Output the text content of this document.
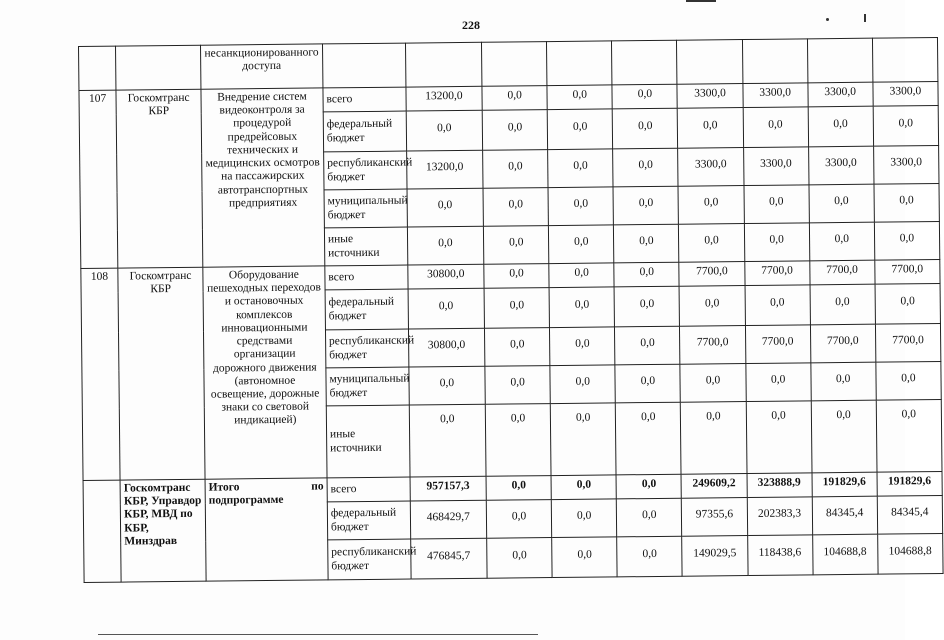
228
		несанкционированного доступа									
107	Госкомтранс КБР	Внедрение систем видеоконтроля за процедурой предрейсовых технических и медицинских осмотров на пассажирских автотранспортных предприятиях	всего	13200,0	0,0	0,0	0,0	3300,0	3300,0	3300,0	3300,0
			федеральный бюджет	0,0	0,0	0,0	0,0	0,0	0,0	0,0	0,0
			республиканский бюджет	13200,0	0,0	0,0	0,0	3300,0	3300,0	3300,0	3300,0
			муниципальный бюджет	0,0	0,0	0,0	0,0	0,0	0,0	0,0	0,0
			иные источники	0,0	0,0	0,0	0,0	0,0	0,0	0,0	0,0
108	Госкомтранс КБР	Оборудование пешеходных переходов и остановочных комплексов инновационными средствами организации дорожного движения (автономное освещение, дорожные знаки со световой индикацией)	всего	30800,0	0,0	0,0	0,0	7700,0	7700,0	7700,0	7700,0
			федеральный бюджет	0,0	0,0	0,0	0,0	0,0	0,0	0,0	0,0
			республиканский бюджет	30800,0	0,0	0,0	0,0	7700,0	7700,0	7700,0	7700,0
			муниципальный бюджет	0,0	0,0	0,0	0,0	0,0	0,0	0,0	0,0
			иные источники	0,0	0,0	0,0	0,0	0,0	0,0	0,0	0,0
	Госкомтранс КБР, Управдор КБР, МВД по КБР, Минздрав	Итого по подпрограмме	всего	957157,3	0,0	0,0	0,0	249609,2	323888,9	191829,6	191829,6
			федеральный бюджет	468429,7	0,0	0,0	0,0	97355,6	202383,3	84345,4	84345,4
			республиканский бюджет	476845,7	0,0	0,0	0,0	149029,5	118438,6	104688,8	104688,8
